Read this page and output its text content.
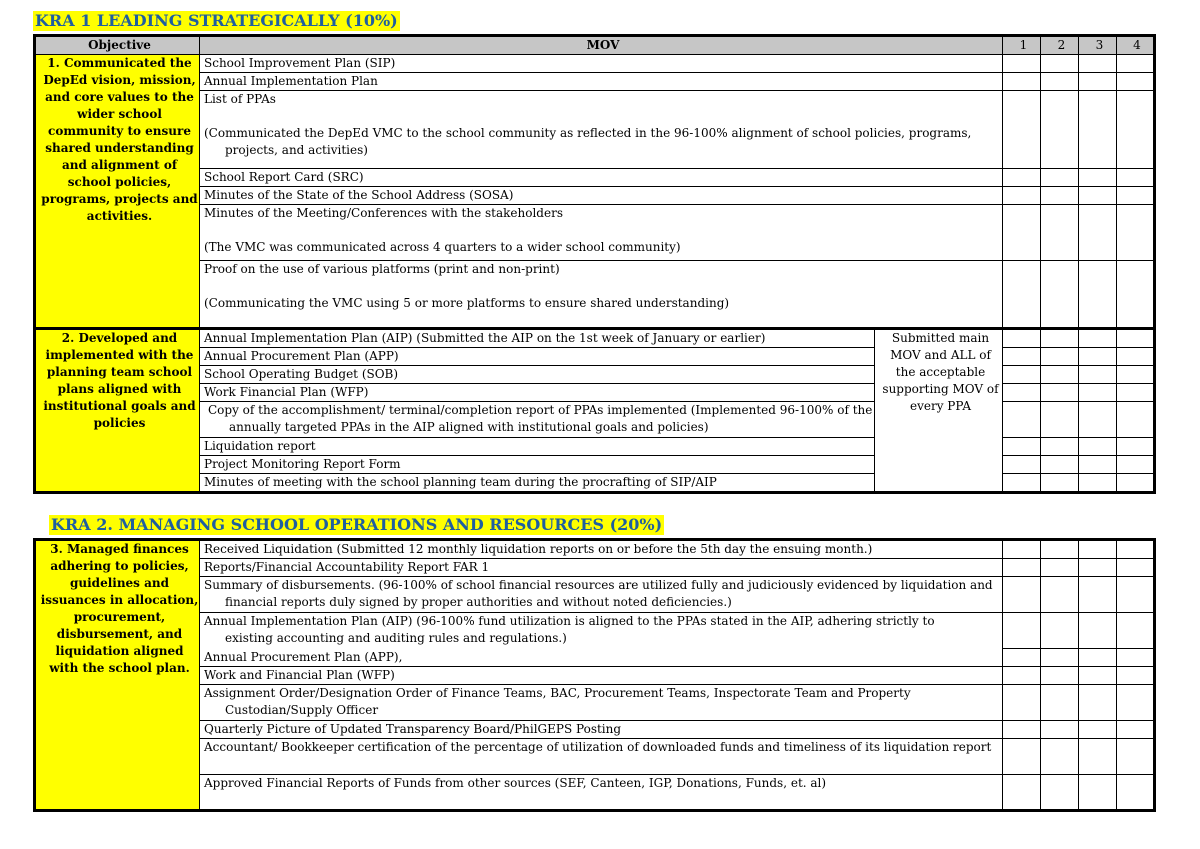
KRA 1 LEADING STRATEGICALLY (10%)
Objective	MOV		1	2	3	4
1. Communicated the DepEd vision, mission, and core values to the wider school community to ensure shared understanding and alignment of school policies, programs, projects and activities.	School Improvement Plan (SIP)					
	Annual Implementation Plan					

	List of PPAs
(Communicated the DepEd VMC to the school community as reflected in the 96-100% alignment of school policies, programs, projects, and activities)					

	School Report Card (SRC)					
	Minutes of the State of the School Address (SOSA)					

	Minutes of the Meeting/Conferences with the stakeholders
(The VMC was communicated across 4 quarters to a wider school community)					

	Proof on the use of various platforms (print and non-print)
(Communicating the VMC using 5 or more platforms to ensure shared understanding)					

2. Developed and implemented with the planning team school plans aligned with institutional goals and policies	Annual Implementation Plan (AIP) (Submitted the AIP on the 1st week of January or earlier)	Submitted main MOV and ALL of the acceptable supporting MOV of every PPA				
	Annual Procurement Plan (APP)					
	School Operating Budget (SOB)					
	Work Financial Plan (WFP)					

	Copy of the accomplishment/ terminal/completion report of PPAs implemented (Implemented 96-100% of the annually targeted PPAs in the AIP aligned with institutional goals and policies)					

	Liquidation report					
	Project Monitoring Report Form					
	Minutes of meeting with the school planning team during the procrafting of SIP/AIP					
KRA 2. MANAGING SCHOOL OPERATIONS AND RESOURCES (20%)
3. Managed finances adhering to policies, guidelines and issuances in allocation, procurement, disbursement, and liquidation aligned with the school plan.	Received Liquidation (Submitted 12 monthly liquidation reports on or before the 5th day the ensuing month.)				
	Reports/Financial Accountability Report FAR 1				

	Summary of disbursements. (96-100% of school financial resources are utilized fully and judiciously evidenced by liquidation and financial reports duly signed by proper authorities and without noted deficiencies.)				

	Annual Implementation Plan (AIP) (96-100% fund utilization is aligned to the PPAs stated in the AIP, adhering strictly to existing accounting and auditing rules and regulations.)				

	Annual Procurement Plan (APP),				
	Work and Financial Plan (WFP)				

	Assignment Order/Designation Order of Finance Teams, BAC, Procurement Teams, Inspectorate Team and Property Custodian/Supply Officer				

	Quarterly Picture of Updated Transparency Board/PhilGEPS Posting				

	Accountant/ Bookkeeper certification of the percentage of utilization of downloaded funds and timeliness of its liquidation report				

	Approved Financial Reports of Funds from other sources (SEF, Canteen, IGP, Donations, Funds, et. al)				
